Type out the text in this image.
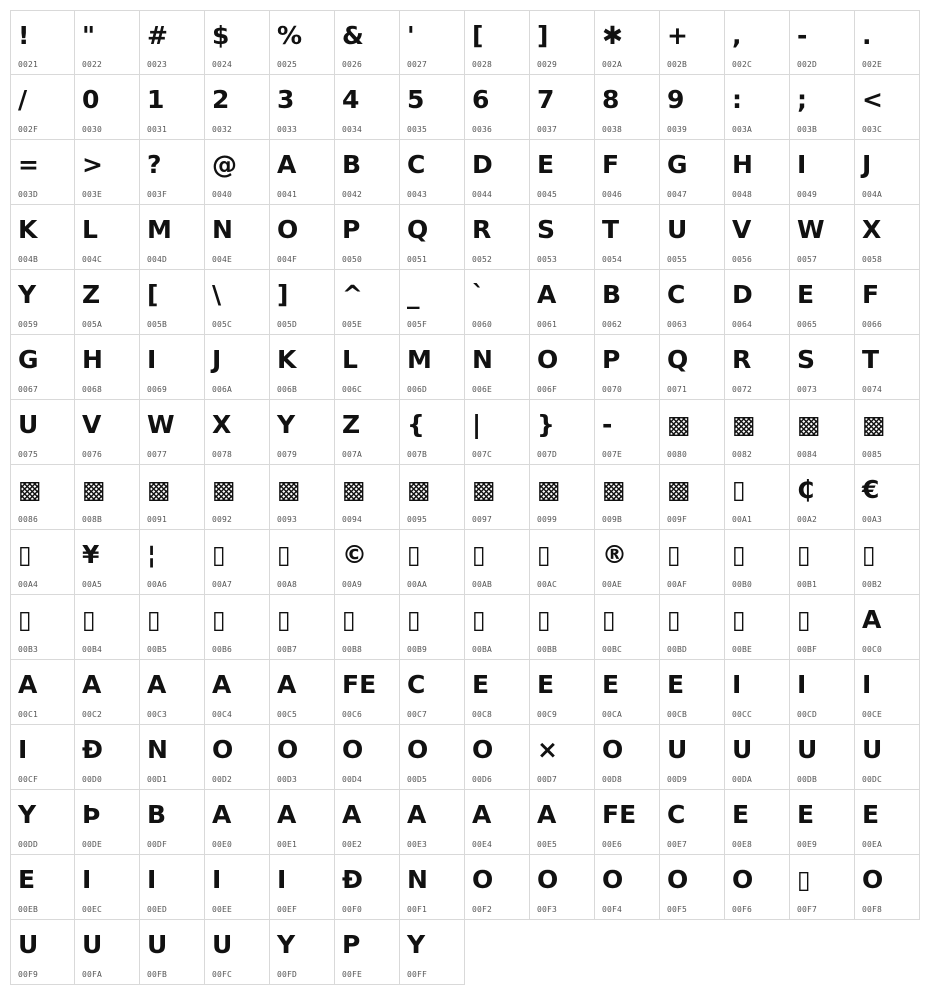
!
0021
"
0022
#
0023
$
0024
%
0025
&
0026
'
0027
[
0028
]
0029
✱
002A
+
002B
,
002C
-
002D
.
002E
/
002F
0
0030
1
0031
2
0032
3
0033
4
0034
5
0035
6
0036
7
0037
8
0038
9
0039
:
003A
;
003B
<
003C
=
003D
>
003E
?
003F
@
0040
A
0041
B
0042
C
0043
D
0044
E
0045
F
0046
G
0047
H
0048
I
0049
J
004A
K
004B
L
004C
M
004D
N
004E
O
004F
P
0050
Q
0051
R
0052
S
0053
T
0054
U
0055
V
0056
W
0057
X
0058
Y
0059
Z
005A
[
005B
\
005C
]
005D
^
005E
_
005F
`
0060
A
0061
B
0062
C
0063
D
0064
E
0065
F
0066
G
0067
H
0068
I
0069
J
006A
K
006B
L
006C
M
006D
N
006E
O
006F
P
0070
Q
0071
R
0072
S
0073
T
0074
U
0075
V
0076
W
0077
X
0078
Y
0079
Z
007A
{
007B
|
007C
}
007D
-
007E
▩
0080
▩
0082
▩
0084
▩
0085
▩
0086
▩
008B
▩
0091
▩
0092
▩
0093
▩
0094
▩
0095
▩
0097
▩
0099
▩
009B
▩
009F
▯
00A1
₵
00A2
€
00A3
▯
00A4
¥
00A5
¦
00A6
▯
00A7
▯
00A8
©
00A9
▯
00AA
▯
00AB
▯
00AC
®
00AE
▯
00AF
▯
00B0
▯
00B1
▯
00B2
▯
00B3
▯
00B4
▯
00B5
▯
00B6
▯
00B7
▯
00B8
▯
00B9
▯
00BA
▯
00BB
▯
00BC
▯
00BD
▯
00BE
▯
00BF
A
00C0
A
00C1
A
00C2
A
00C3
A
00C4
A
00C5
FE
00C6
C
00C7
E
00C8
E
00C9
E
00CA
E
00CB
I
00CC
I
00CD
I
00CE
I
00CF
Đ
00D0
N
00D1
O
00D2
O
00D3
O
00D4
O
00D5
O
00D6
×
00D7
O
00D8
U
00D9
U
00DA
U
00DB
U
00DC
Y
00DD
Þ
00DE
B
00DF
A
00E0
A
00E1
A
00E2
A
00E3
A
00E4
A
00E5
FE
00E6
C
00E7
E
00E8
E
00E9
E
00EA
E
00EB
I
00EC
I
00ED
I
00EE
I
00EF
Đ
00F0
N
00F1
O
00F2
O
00F3
O
00F4
O
00F5
O
00F6
▯
00F7
O
00F8
U
00F9
U
00FA
U
00FB
U
00FC
Y
00FD
P
00FE
Y
00FF
